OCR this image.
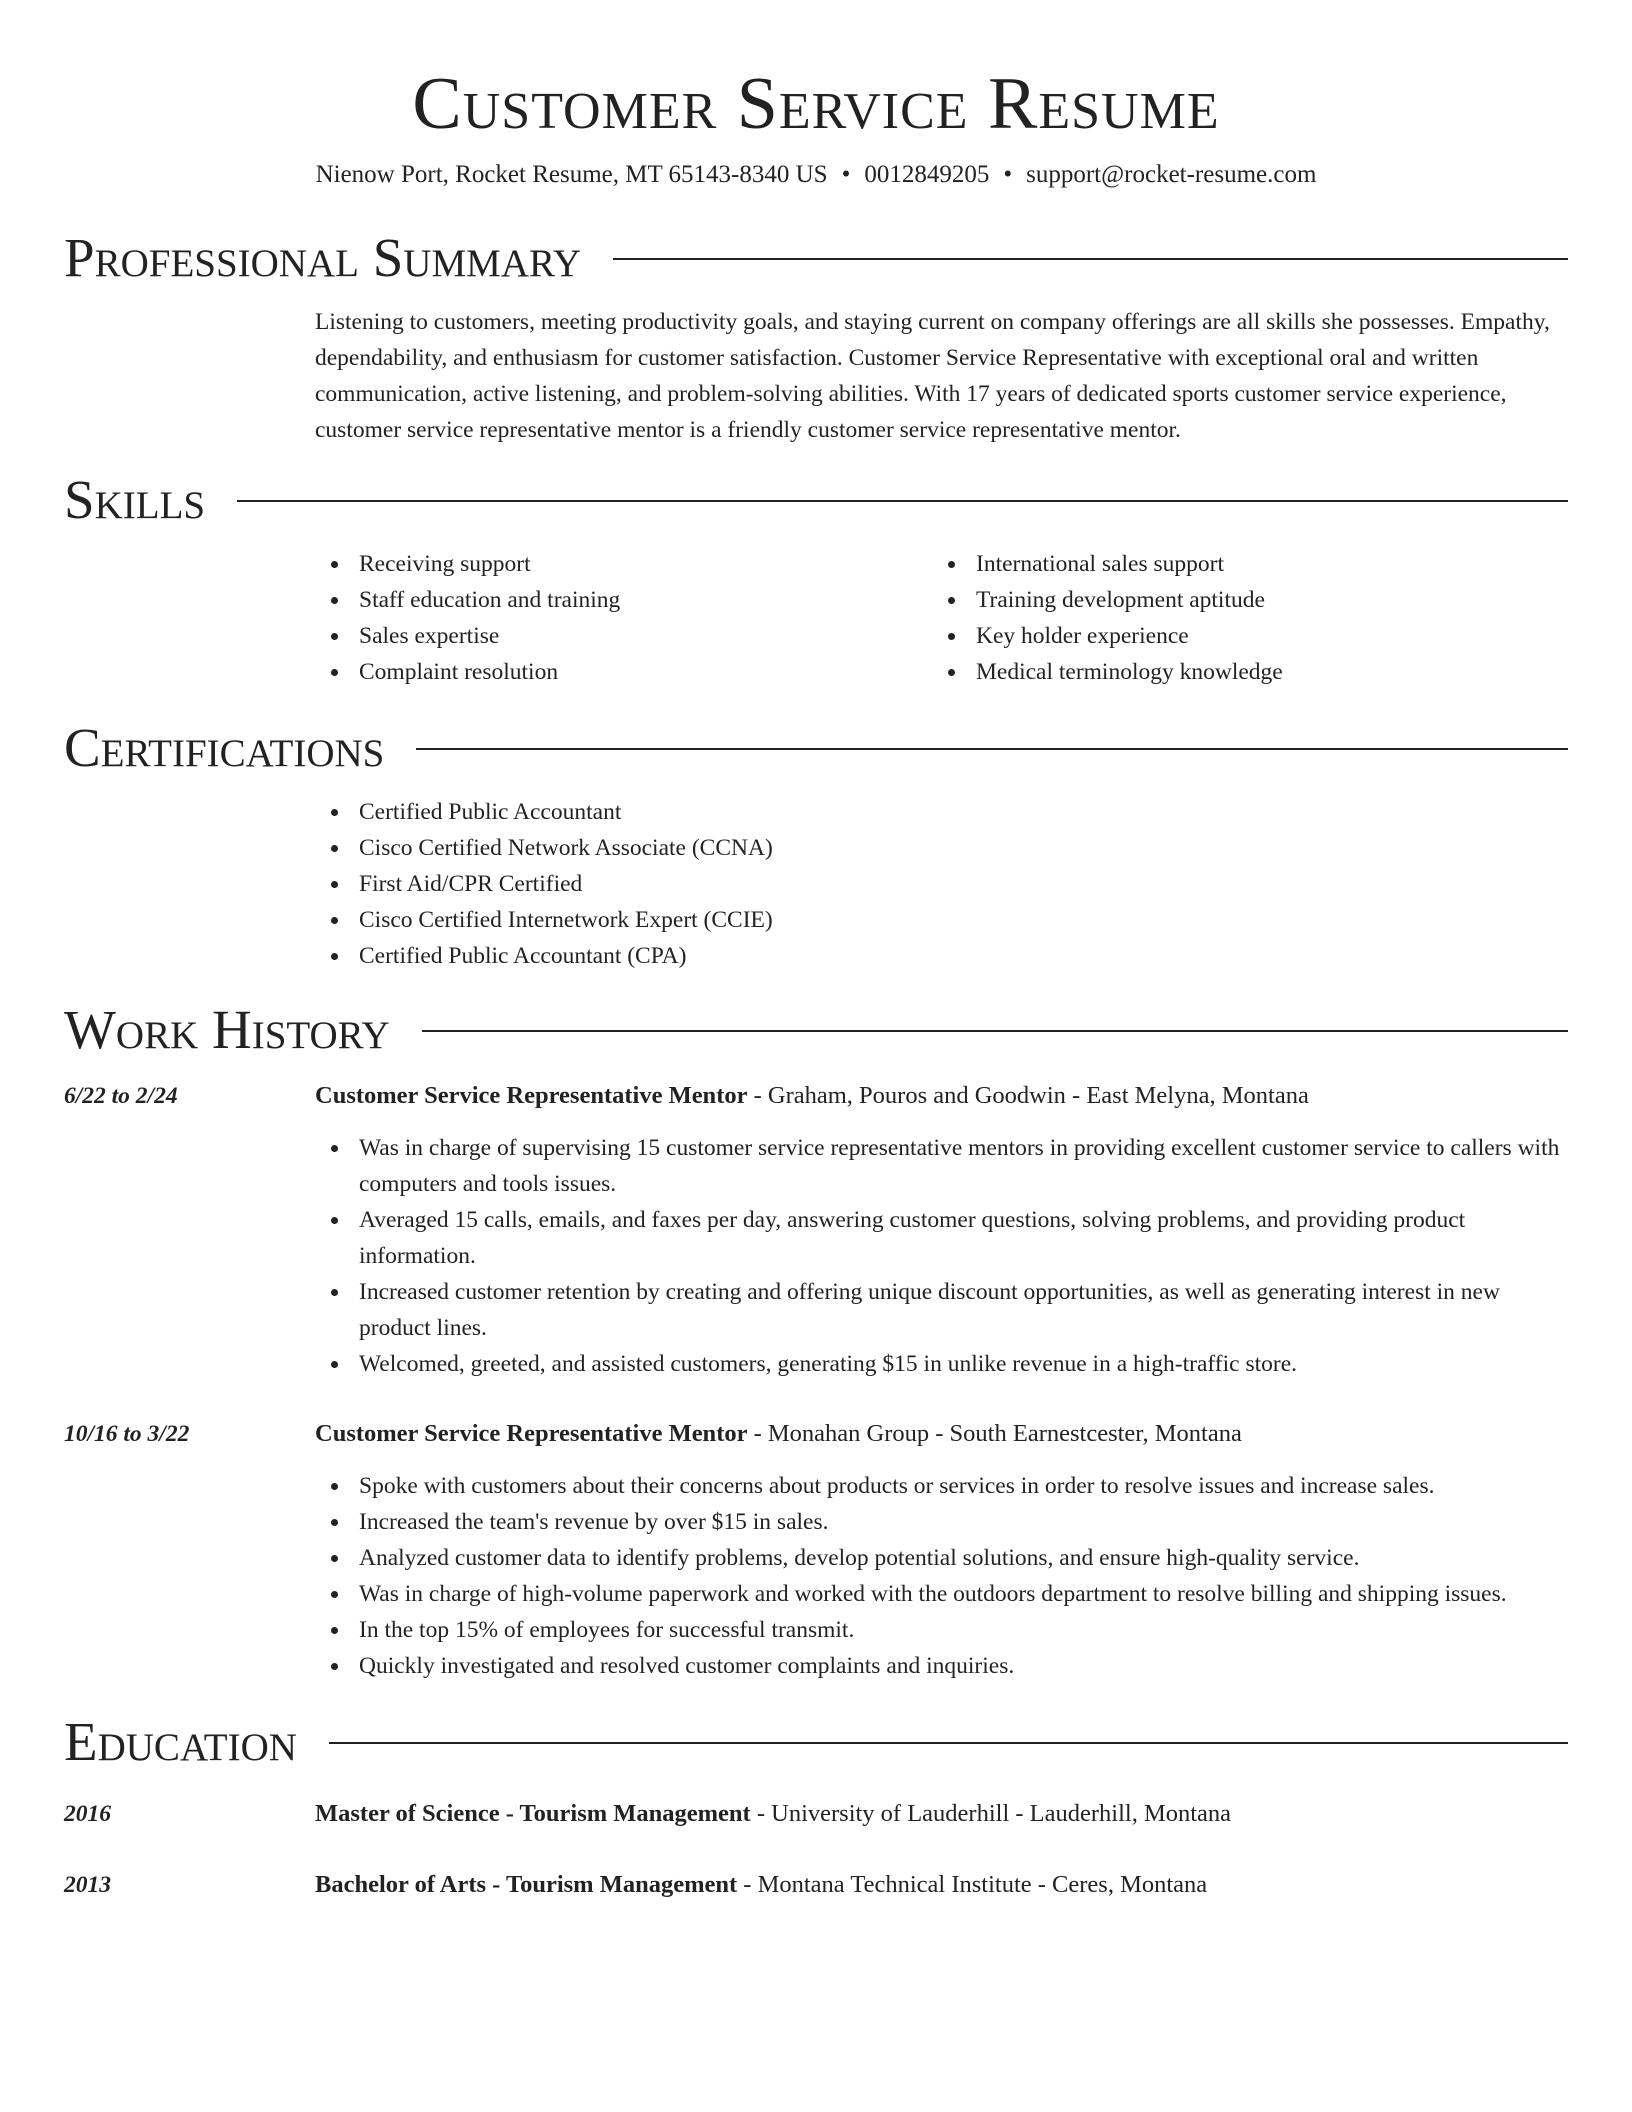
Customer Service Resume
Nienow Port, Rocket Resume, MT 65143-8340 US • 0012849205 • support@rocket-resume.com
Professional Summary
Listening to customers, meeting productivity goals, and staying current on company offerings are all skills she possesses. Empathy, dependability, and enthusiasm for customer satisfaction. Customer Service Representative with exceptional oral and written communication, active listening, and problem-solving abilities. With 17 years of dedicated sports customer service experience, customer service representative mentor is a friendly customer service representative mentor.
Skills
Receiving support
Staff education and training
Sales expertise
Complaint resolution
International sales support
Training development aptitude
Key holder experience
Medical terminology knowledge
Certifications
Certified Public Accountant
Cisco Certified Network Associate (CCNA)
First Aid/CPR Certified
Cisco Certified Internetwork Expert (CCIE)
Certified Public Accountant (CPA)
Work History
6/22 to 2/24	Customer Service Representative Mentor - Graham, Pouros and Goodwin - East Melyna, Montana
Was in charge of supervising 15 customer service representative mentors in providing excellent customer service to callers with computers and tools issues.
Averaged 15 calls, emails, and faxes per day, answering customer questions, solving problems, and providing product information.
Increased customer retention by creating and offering unique discount opportunities, as well as generating interest in new product lines.
Welcomed, greeted, and assisted customers, generating $15 in unlike revenue in a high-traffic store.
10/16 to 3/22	Customer Service Representative Mentor - Monahan Group - South Earnestcester, Montana
Spoke with customers about their concerns about products or services in order to resolve issues and increase sales.
Increased the team's revenue by over $15 in sales.
Analyzed customer data to identify problems, develop potential solutions, and ensure high-quality service.
Was in charge of high-volume paperwork and worked with the outdoors department to resolve billing and shipping issues.
In the top 15% of employees for successful transmit.
Quickly investigated and resolved customer complaints and inquiries.
Education
2016	Master of Science - Tourism Management - University of Lauderhill - Lauderhill, Montana
2013	Bachelor of Arts - Tourism Management - Montana Technical Institute - Ceres, Montana
